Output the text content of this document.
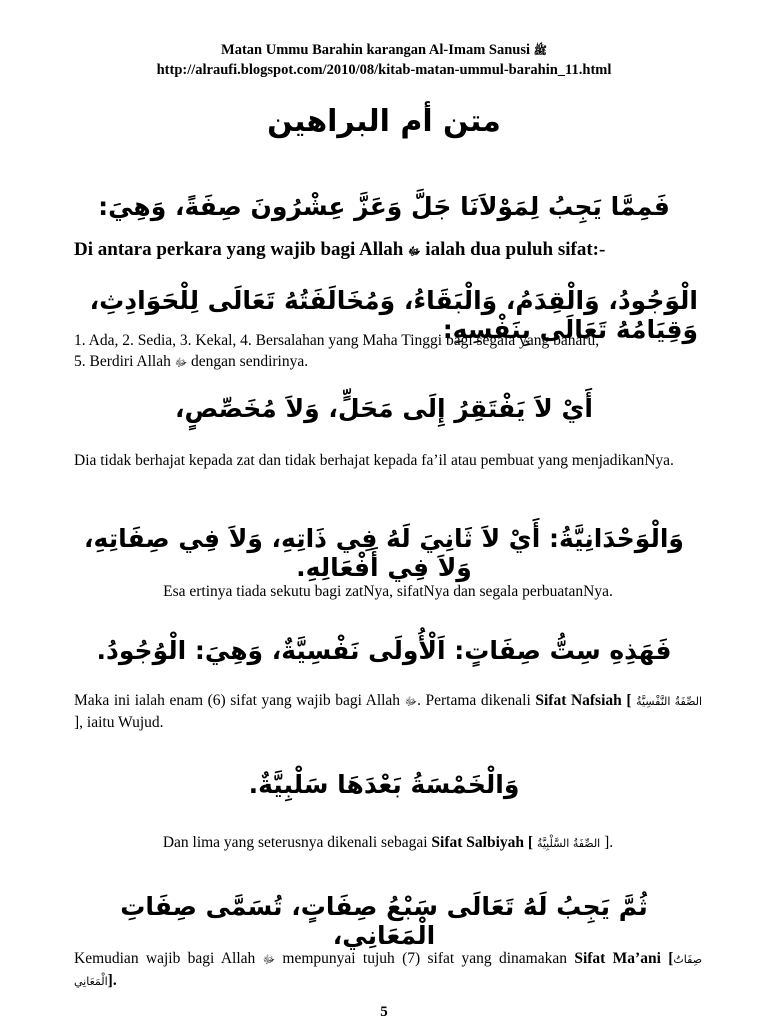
Matan Ummu Barahin karangan Al-Imam Sanusi ﷺ
http://alraufi.blogspot.com/2010/08/kitab-matan-ummul-barahin_11.html
متن أم البراهين
فَمِمَّا يَجِبُ لِمَوْلاَنَا جَلَّ وَعَزَّ عِشْرُونَ صِفَةً، وَهِيَ:
Di antara perkara yang wajib bagi Allah ﷻ ialah dua puluh sifat:-
الْوَجُودُ، وَالْقِدَمُ، وَالْبَقَاءُ، وَمُخَالَفَتُهُ تَعَالَى لِلْحَوَادِثِ، وَقِيَامُهُ تَعَالَى بِنَفْسِهِ:
1. Ada, 2. Sedia, 3. Kekal, 4. Bersalahan yang Maha Tinggi bagi segala yang baharu,
5. Berdiri Allah ﷻ dengan sendirinya.
أَيْ لاَ يَفْتَقِرُ إِلَى مَحَلٍّ، وَلاَ مُخَصِّصٍ،
Dia tidak berhajat kepada zat dan tidak berhajat kepada fa’il atau pembuat yang menjadikanNya.
وَالْوَحْدَانِيَّةُ: أَيْ لاَ ثَانِيَ لَهُ فِي ذَاتِهِ، وَلاَ فِي صِفَاتِهِ، وَلاَ فِي أَفْعَالِهِ.
Esa ertinya tiada sekutu bagi zatNya, sifatNya dan segala perbuatanNya.
فَهَذِهِ سِتُّ صِفَاتٍ: اَلْأُولَى نَفْسِيَّةٌ، وَهِيَ: الْوُجُودُ.
Maka ini ialah enam (6) sifat yang wajib bagi Allah ﷻ. Pertama dikenali Sifat Nafsiah [ الصِّفَةُ النَّفْسِيَّةُ ], iaitu Wujud.
وَالْخَمْسَةُ بَعْدَهَا سَلْبِيَّةٌ.
Dan lima yang seterusnya dikenali sebagai Sifat Salbiyah [ الصِّفَةُ السَّلْبِيَّةُ ].
ثُمَّ يَجِبُ لَهُ تَعَالَى سَبْعُ صِفَاتٍ، تُسَمَّى صِفَاتِ الْمَعَانِي،
Kemudian wajib bagi Allah ﷻ mempunyai tujuh (7) sifat yang dinamakan Sifat Ma’ani [صِفَاتُ الْمَعَانِي].
5
